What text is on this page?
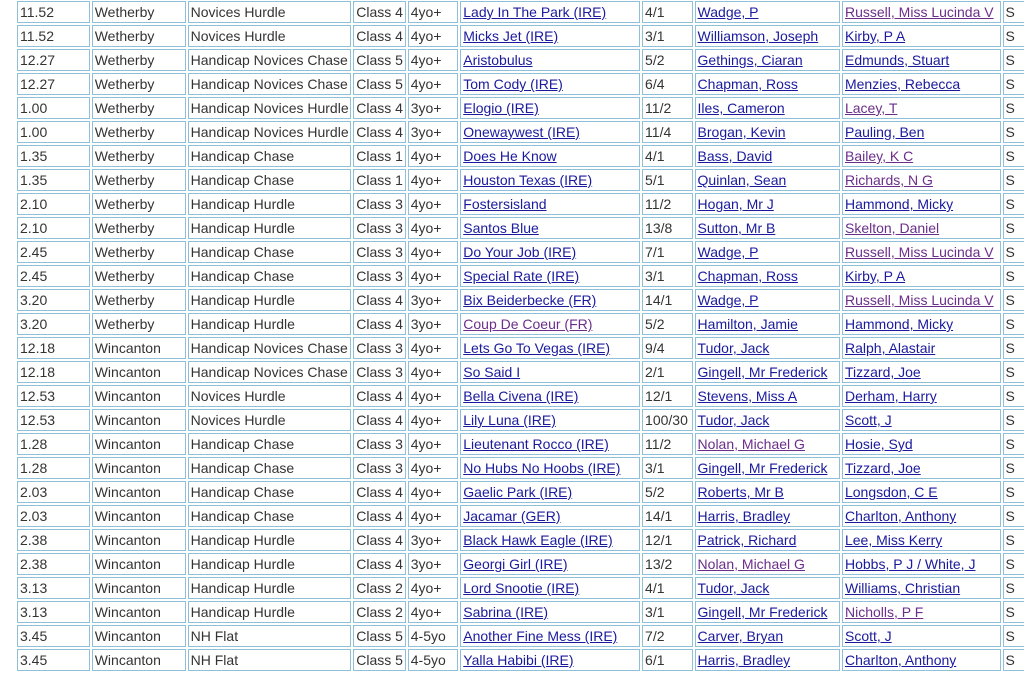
11.52	Wetherby	Novices Hurdle	Class 4	4yo+	Lady In The Park (IRE)	4/1	Wadge, P	Russell, Miss Lucinda V	S
11.52	Wetherby	Novices Hurdle	Class 4	4yo+	Micks Jet (IRE)	3/1	Williamson, Joseph	Kirby, P A	S
12.27	Wetherby	Handicap Novices Chase	Class 5	4yo+	Aristobulus	5/2	Gethings, Ciaran	Edmunds, Stuart	S
12.27	Wetherby	Handicap Novices Chase	Class 5	4yo+	Tom Cody (IRE)	6/4	Chapman, Ross	Menzies, Rebecca	S
1.00	Wetherby	Handicap Novices Hurdle	Class 4	3yo+	Elogio (IRE)	11/2	Iles, Cameron	Lacey, T	S
1.00	Wetherby	Handicap Novices Hurdle	Class 4	3yo+	Onewaywest (IRE)	11/4	Brogan, Kevin	Pauling, Ben	S
1.35	Wetherby	Handicap Chase	Class 1	4yo+	Does He Know	4/1	Bass, David	Bailey, K C	S
1.35	Wetherby	Handicap Chase	Class 1	4yo+	Houston Texas (IRE)	5/1	Quinlan, Sean	Richards, N G	S
2.10	Wetherby	Handicap Hurdle	Class 3	4yo+	Fostersisland	11/2	Hogan, Mr J	Hammond, Micky	S
2.10	Wetherby	Handicap Hurdle	Class 3	4yo+	Santos Blue	13/8	Sutton, Mr B	Skelton, Daniel	S
2.45	Wetherby	Handicap Chase	Class 3	4yo+	Do Your Job (IRE)	7/1	Wadge, P	Russell, Miss Lucinda V	S
2.45	Wetherby	Handicap Chase	Class 3	4yo+	Special Rate (IRE)	3/1	Chapman, Ross	Kirby, P A	S
3.20	Wetherby	Handicap Hurdle	Class 4	3yo+	Bix Beiderbecke (FR)	14/1	Wadge, P	Russell, Miss Lucinda V	S
3.20	Wetherby	Handicap Hurdle	Class 4	3yo+	Coup De Coeur (FR)	5/2	Hamilton, Jamie	Hammond, Micky	S
12.18	Wincanton	Handicap Novices Chase	Class 3	4yo+	Lets Go To Vegas (IRE)	9/4	Tudor, Jack	Ralph, Alastair	S
12.18	Wincanton	Handicap Novices Chase	Class 3	4yo+	So Said I	2/1	Gingell, Mr Frederick	Tizzard, Joe	S
12.53	Wincanton	Novices Hurdle	Class 4	4yo+	Bella Civena (IRE)	12/1	Stevens, Miss A	Derham, Harry	S
12.53	Wincanton	Novices Hurdle	Class 4	4yo+	Lily Luna (IRE)	100/30	Tudor, Jack	Scott, J	S
1.28	Wincanton	Handicap Chase	Class 3	4yo+	Lieutenant Rocco (IRE)	11/2	Nolan, Michael G	Hosie, Syd	S
1.28	Wincanton	Handicap Chase	Class 3	4yo+	No Hubs No Hoobs (IRE)	3/1	Gingell, Mr Frederick	Tizzard, Joe	S
2.03	Wincanton	Handicap Chase	Class 4	4yo+	Gaelic Park (IRE)	5/2	Roberts, Mr B	Longsdon, C E	S
2.03	Wincanton	Handicap Chase	Class 4	4yo+	Jacamar (GER)	14/1	Harris, Bradley	Charlton, Anthony	S
2.38	Wincanton	Handicap Hurdle	Class 4	3yo+	Black Hawk Eagle (IRE)	12/1	Patrick, Richard	Lee, Miss Kerry	S
2.38	Wincanton	Handicap Hurdle	Class 4	3yo+	Georgi Girl (IRE)	13/2	Nolan, Michael G	Hobbs, P J / White, J	S
3.13	Wincanton	Handicap Hurdle	Class 2	4yo+	Lord Snootie (IRE)	4/1	Tudor, Jack	Williams, Christian	S
3.13	Wincanton	Handicap Hurdle	Class 2	4yo+	Sabrina (IRE)	3/1	Gingell, Mr Frederick	Nicholls, P F	S
3.45	Wincanton	NH Flat	Class 5	4-5yo	Another Fine Mess (IRE)	7/2	Carver, Bryan	Scott, J	S
3.45	Wincanton	NH Flat	Class 5	4-5yo	Yalla Habibi (IRE)	6/1	Harris, Bradley	Charlton, Anthony	S
